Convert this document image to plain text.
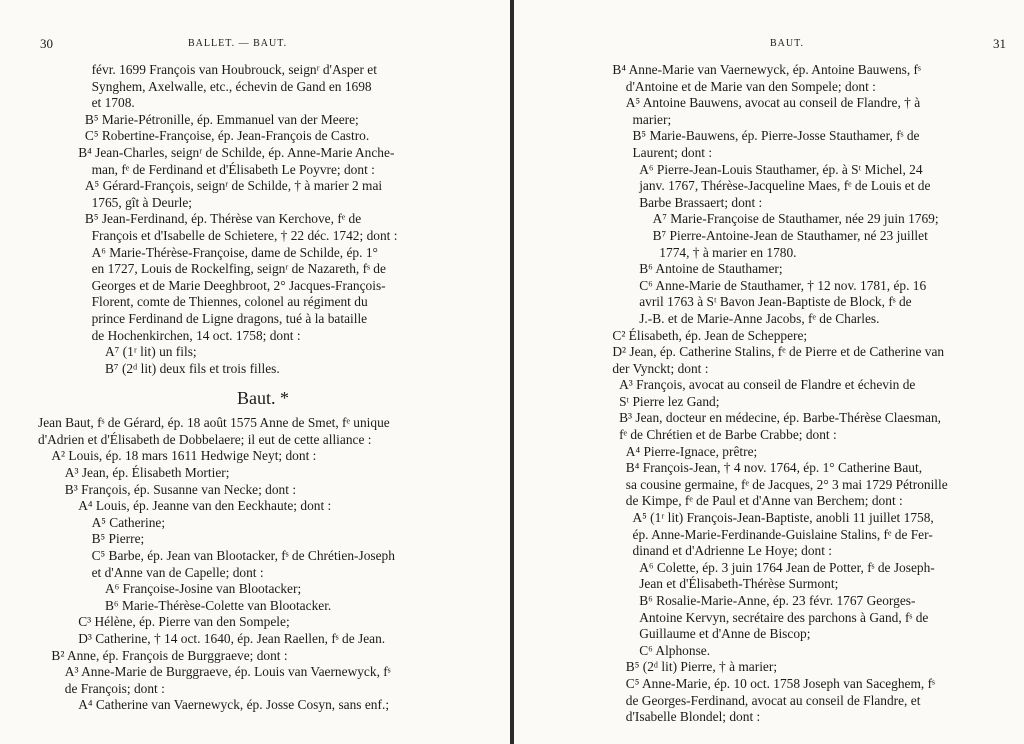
30	BALLET. — BAUT.
févr. 1699 François van Houbrouck, seignʳ d'Asper et
Synghem, Axelwalle, etc., échevin de Gand en 1698
et 1708.
B⁵ Marie-Pétronille, ép. Emmanuel van der Meere;
C⁵ Robertine-Françoise, ép. Jean-François de Castro.
B⁴ Jean-Charles, seignʳ de Schilde, ép. Anne-Marie Anche-
man, fᵉ de Ferdinand et d'Élisabeth Le Poyvre; dont :
A⁵ Gérard-François, seignʳ de Schilde, † à marier 2 mai
1765, gît à Deurle;
B⁵ Jean-Ferdinand, ép. Thérèse van Kerchove, fᵉ de
François et d'Isabelle de Schietere, † 22 déc. 1742; dont :
A⁶ Marie-Thérèse-Françoise, dame de Schilde, ép. 1°
en 1727, Louis de Rockelfing, seignʳ de Nazareth, fˢ de
Georges et de Marie Deeghbroot, 2° Jacques-François-
Florent, comte de Thiennes, colonel au régiment du
prince Ferdinand de Ligne dragons, tué à la bataille
de Hochenkirchen, 14 oct. 1758; dont :
A⁷ (1ʳ lit) un fils;
B⁷ (2ᵈ lit) deux fils et trois filles.
Baut. *
Jean Baut, fˢ de Gérard, ép. 18 août 1575 Anne de Smet, fᵉ unique
d'Adrien et d'Élisabeth de Dobbelaere; il eut de cette alliance :
A² Louis, ép. 18 mars 1611 Hedwige Neyt; dont :
A³ Jean, ép. Élisabeth Mortier;
B³ François, ép. Susanne van Necke; dont :
A⁴ Louis, ép. Jeanne van den Eeckhaute; dont :
A⁵ Catherine;
B⁵ Pierre;
C⁵ Barbe, ép. Jean van Blootacker, fˢ de Chrétien-Joseph
et d'Anne van de Capelle; dont :
A⁶ Françoise-Josine van Blootacker;
B⁶ Marie-Thérèse-Colette van Blootacker.
C³ Hélène, ép. Pierre van den Sompele;
D³ Catherine, † 14 oct. 1640, ép. Jean Raellen, fˢ de Jean.
B² Anne, ép. François de Burggraeve; dont :
A³ Anne-Marie de Burggraeve, ép. Louis van Vaernewyck, fˢ
de François; dont :
A⁴ Catherine van Vaernewyck, ép. Josse Cosyn, sans enf.;
31
BAUT.
B⁴ Anne-Marie van Vaernewyck, ép. Antoine Bauwens, fˢ
d'Antoine et de Marie van den Sompele; dont :
A⁵ Antoine Bauwens, avocat au conseil de Flandre, † à
marier;
B⁵ Marie-Bauwens, ép. Pierre-Josse Stauthamer, fˢ de
Laurent; dont :
A⁶ Pierre-Jean-Louis Stauthamer, ép. à Sᵗ Michel, 24
janv. 1767, Thérèse-Jacqueline Maes, fᵉ de Louis et de
Barbe Brassaert; dont :
A⁷ Marie-Françoise de Stauthamer, née 29 juin 1769;
B⁷ Pierre-Antoine-Jean de Stauthamer, né 23 juillet
1774, † à marier en 1780.
B⁶ Antoine de Stauthamer;
C⁶ Anne-Marie de Stauthamer, † 12 nov. 1781, ép. 16
avril 1763 à Sᵗ Bavon Jean-Baptiste de Block, fˢ de
J.-B. et de Marie-Anne Jacobs, fᵉ de Charles.
C² Élisabeth, ép. Jean de Scheppere;
D² Jean, ép. Catherine Stalins, fᵉ de Pierre et de Catherine van
der Vynckt; dont :
A³ François, avocat au conseil de Flandre et échevin de
Sᵗ Pierre lez Gand;
B³ Jean, docteur en médecine, ép. Barbe-Thérèse Claesman,
fᵉ de Chrétien et de Barbe Crabbe; dont :
A⁴ Pierre-Ignace, prêtre;
B⁴ François-Jean, † 4 nov. 1764, ép. 1° Catherine Baut,
sa cousine germaine, fᵉ de Jacques, 2° 3 mai 1729 Pétronille
de Kimpe, fᵉ de Paul et d'Anne van Berchem; dont :
A⁵ (1ʳ lit) François-Jean-Baptiste, anobli 11 juillet 1758,
ép. Anne-Marie-Ferdinande-Guislaine Stalins, fᵉ de Fer-
dinand et d'Adrienne Le Hoye; dont :
A⁶ Colette, ép. 3 juin 1764 Jean de Potter, fˢ de Joseph-
Jean et d'Élisabeth-Thérèse Surmont;
B⁶ Rosalie-Marie-Anne, ép. 23 févr. 1767 Georges-
Antoine Kervyn, secrétaire des parchons à Gand, fˢ de
Guillaume et d'Anne de Biscop;
C⁶ Alphonse.
B⁵ (2ᵈ lit) Pierre, † à marier;
C⁵ Anne-Marie, ép. 10 oct. 1758 Joseph van Saceghem, fˢ
de Georges-Ferdinand, avocat au conseil de Flandre, et
d'Isabelle Blondel; dont :
